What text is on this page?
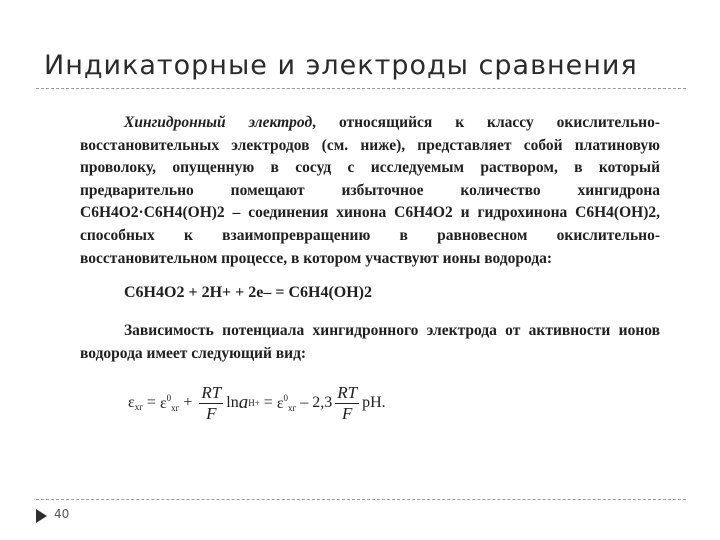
Индикаторные и электроды сравнения

Хингидронный электрод, относящийся к классу окислительно-восстановительных электродов (см. ниже), представляет собой платиновую проволоку, опущенную в сосуд с исследуемым раствором, в который предварительно помещают избыточное количество хингидрона C6H4O2·C6H4(OH)2 – соединения хинона C6H4O2 и гидрохинона C6H4(OH)2, способных к взаимопревращению в равновесном окислительно-восстановительном процессе, в котором участвуют ионы водорода:

C6H4O2 + 2H+ + 2e– = C6H4(OH)2

Зависимость потенциала хингидронного электрода от активности ионов водорода имеет следующий вид:

$\varepsilon_{хг} = \varepsilon^0_{хг} + \frac{RT}{F}$ ln a $H+ = \varepsilon^0_{хг} - 2,3 \frac{RT}{F}$ pH.
40
